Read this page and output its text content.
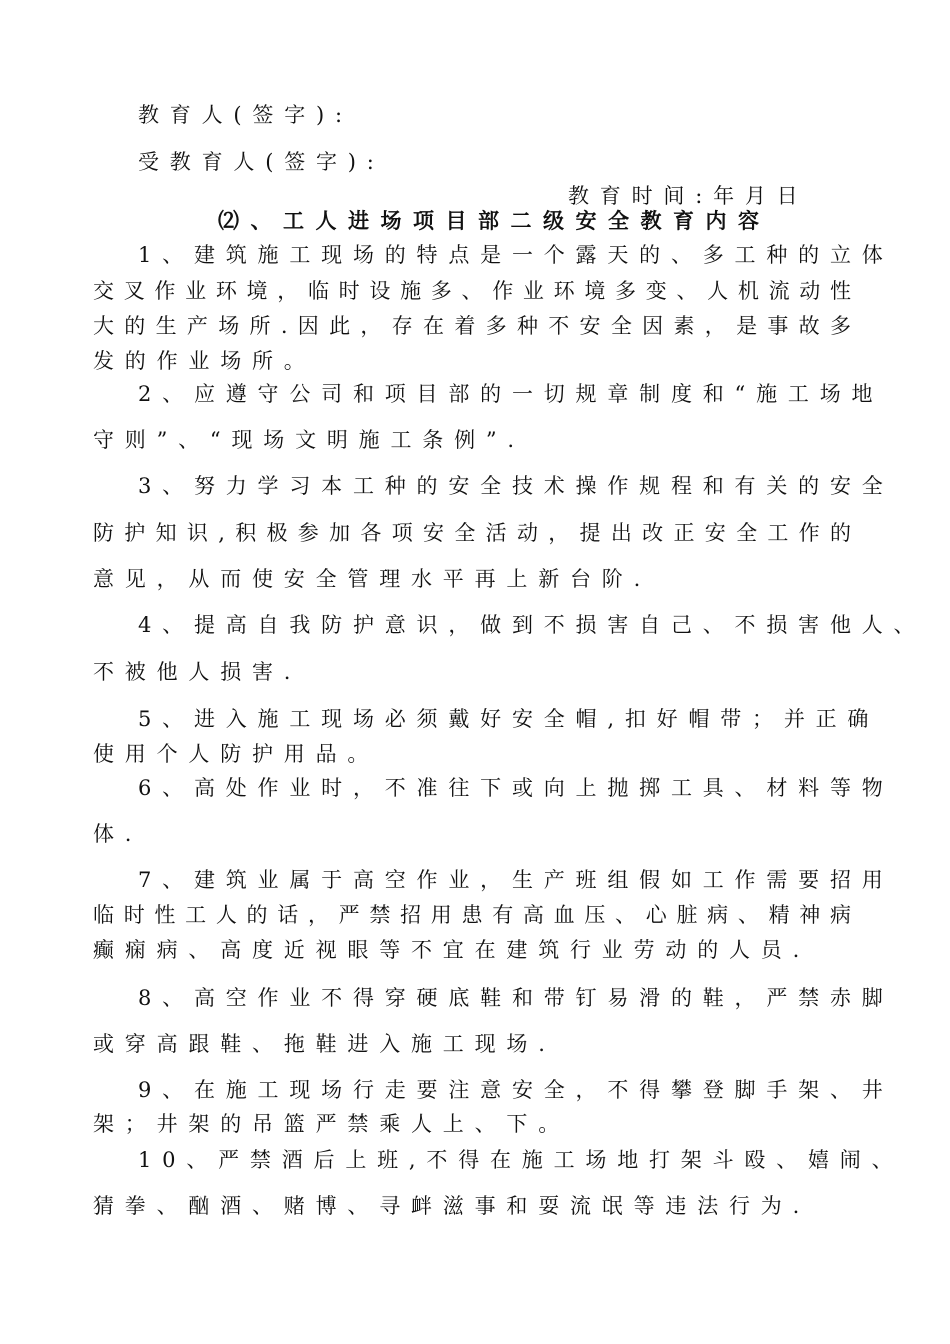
教育人(签字):
受教育人(签字):
教育时间:年月日
⑵、工人进场项目部二级安全教育内容
1、建筑施工现场的特点是一个露天的、多工种的立体
交叉作业环境，临时设施多、作业环境多变、人机流动性
大的生产场所.因此，存在着多种不安全因素，是事故多
发的作业场所。
2、应遵守公司和项目部的一切规章制度和“施工场地
守则”、“现场文明施工条例”.
3、努力学习本工种的安全技术操作规程和有关的安全
防护知识,积极参加各项安全活动，提出改正安全工作的
意见，从而使安全管理水平再上新台阶.
4、提高自我防护意识，做到不损害自己、不损害他人、
不被他人损害.
5、进入施工现场必须戴好安全帽,扣好帽带；并正确
使用个人防护用品。
6、高处作业时，不准往下或向上抛掷工具、材料等物
体.
7、建筑业属于高空作业，生产班组假如工作需要招用
临时性工人的话，严禁招用患有高血压、心脏病、精神病
癫痫病、高度近视眼等不宜在建筑行业劳动的人员.
8、高空作业不得穿硬底鞋和带钉易滑的鞋，严禁赤脚
或穿高跟鞋、拖鞋进入施工现场.
9、在施工现场行走要注意安全，不得攀登脚手架、井
架；井架的吊篮严禁乘人上、下。
10、严禁酒后上班,不得在施工场地打架斗殴、嬉闹、
猜拳、酗酒、赌博、寻衅滋事和耍流氓等违法行为.
